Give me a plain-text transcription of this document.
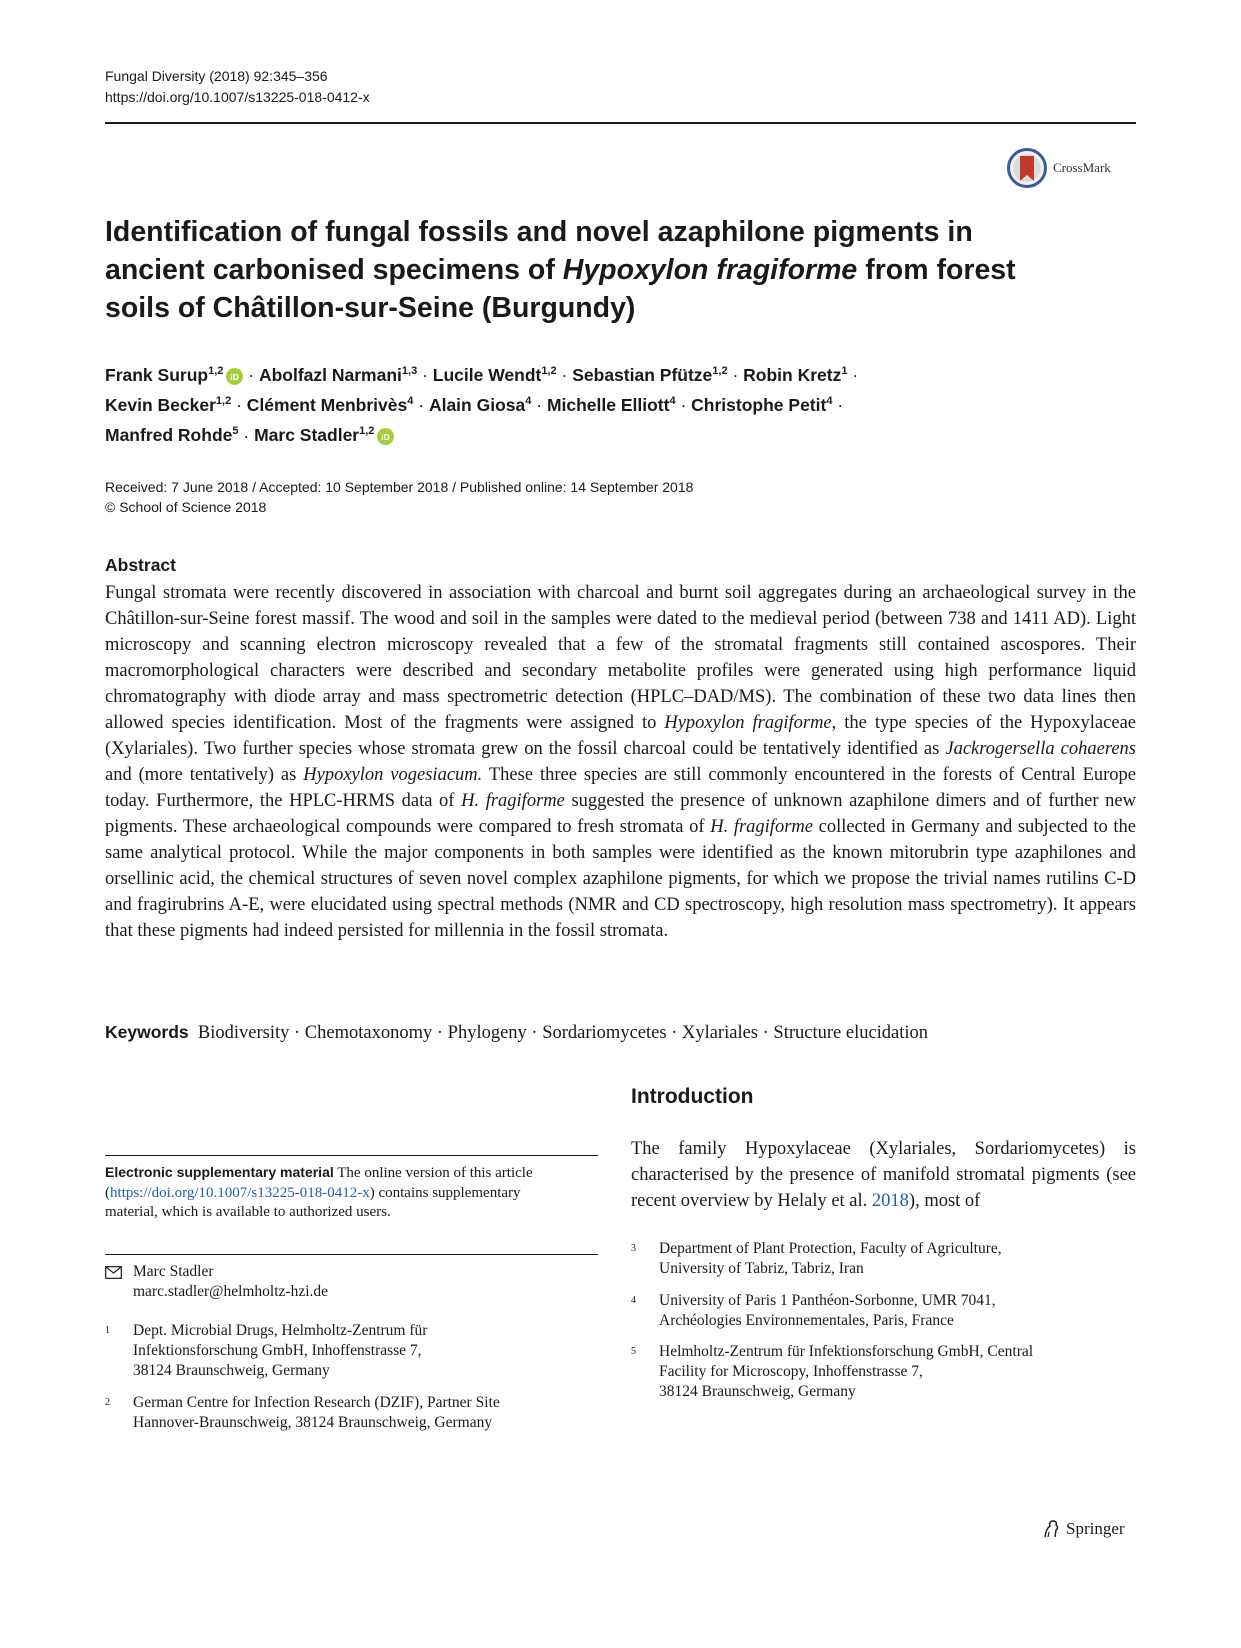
Fungal Diversity (2018) 92:345–356
https://doi.org/10.1007/s13225-018-0412-x
CrossMark
Identification of fungal fossils and novel azaphilone pigments in ancient carbonised specimens of Hypoxylon fragiforme from forest soils of Châtillon-sur-Seine (Burgundy)
Frank Surup$^{1,2}$ iD · Abolfazl Narmani$^{1,3}$ · Lucile Wendt$^{1,2}$ · Sebastian Pfütze$^{1,2}$ · Robin Kretz$^1$ ·
Kevin Becker$^{1,2}$ · Clément Menbrivès$^4$ · Alain Giosa$^4$ · Michelle Elliott$^4$ · Christophe Petit$^4$ ·
Manfred Rohde$^5$ · Marc Stadler$^{1,2}$ iD
Received: 7 June 2018 / Accepted: 10 September 2018 / Published online: 14 September 2018
© School of Science 2018
Abstract

Fungal stromata were recently discovered in association with charcoal and burnt soil aggregates during an archaeological survey in the Châtillon-sur-Seine forest massif. The wood and soil in the samples were dated to the medieval period (between 738 and 1411 AD). Light microscopy and scanning electron microscopy revealed that a few of the stromatal fragments still contained ascospores. Their macromorphological characters were described and secondary metabolite profiles were generated using high performance liquid chromatography with diode array and mass spectrometric detection (HPLC–DAD/MS). The combination of these two data lines then allowed species identification. Most of the fragments were assigned to Hypoxylon fragiforme, the type species of the Hypoxylaceae (Xylariales). Two further species whose stromata grew on the fossil charcoal could be tentatively identified as Jackrogersella cohaerens and (more tentatively) as Hypoxylon vogesiacum. These three species are still commonly encountered in the forests of Central Europe today. Furthermore, the HPLC-HRMS data of H. fragiforme suggested the presence of unknown azaphilone dimers and of further new pigments. These archaeological compounds were compared to fresh stromata of H. fragiforme collected in Germany and subjected to the same analytical protocol. While the major components in both samples were identified as the known mitorubrin type azaphilones and orsellinic acid, the chemical structures of seven novel complex azaphilone pigments, for which we propose the trivial names rutilins C-D and fragirubrins A-E, were elucidated using spectral methods (NMR and CD spectroscopy, high resolution mass spectrometry). It appears that these pigments had indeed persisted for millennia in the fossil stromata.

Keywords Biodiversity · Chemotaxonomy · Phylogeny · Sordariomycetes · Xylariales · Structure elucidation
Electronic supplementary material The online version of this article (https://doi.org/10.1007/s13225-018-0412-x) contains supplementary material, which is available to authorized users.
Marc Stadler
marc.stadler@helmholtz-hzi.de
1 Dept. Microbial Drugs, Helmholtz-Zentrum für
Infektionsforschung GmbH, Inhoffenstrasse 7,
38124 Braunschweig, Germany
2 German Centre for Infection Research (DZIF), Partner Site
Hannover-Braunschweig, 38124 Braunschweig, Germany
Introduction

The family Hypoxylaceae (Xylariales, Sordariomycetes) is characterised by the presence of manifold stromatal pigments (see recent overview by Helaly et al. 2018), most of

3 Department of Plant Protection, Faculty of Agriculture,
University of Tabriz, Tabriz, Iran
4 University of Paris 1 Panthéon-Sorbonne, UMR 7041,
Archéologies Environnementales, Paris, France
5 Helmholtz-Zentrum für Infektionsforschung GmbH, Central
Facility for Microscopy, Inhoffenstrasse 7,
38124 Braunschweig, Germany
Springer
